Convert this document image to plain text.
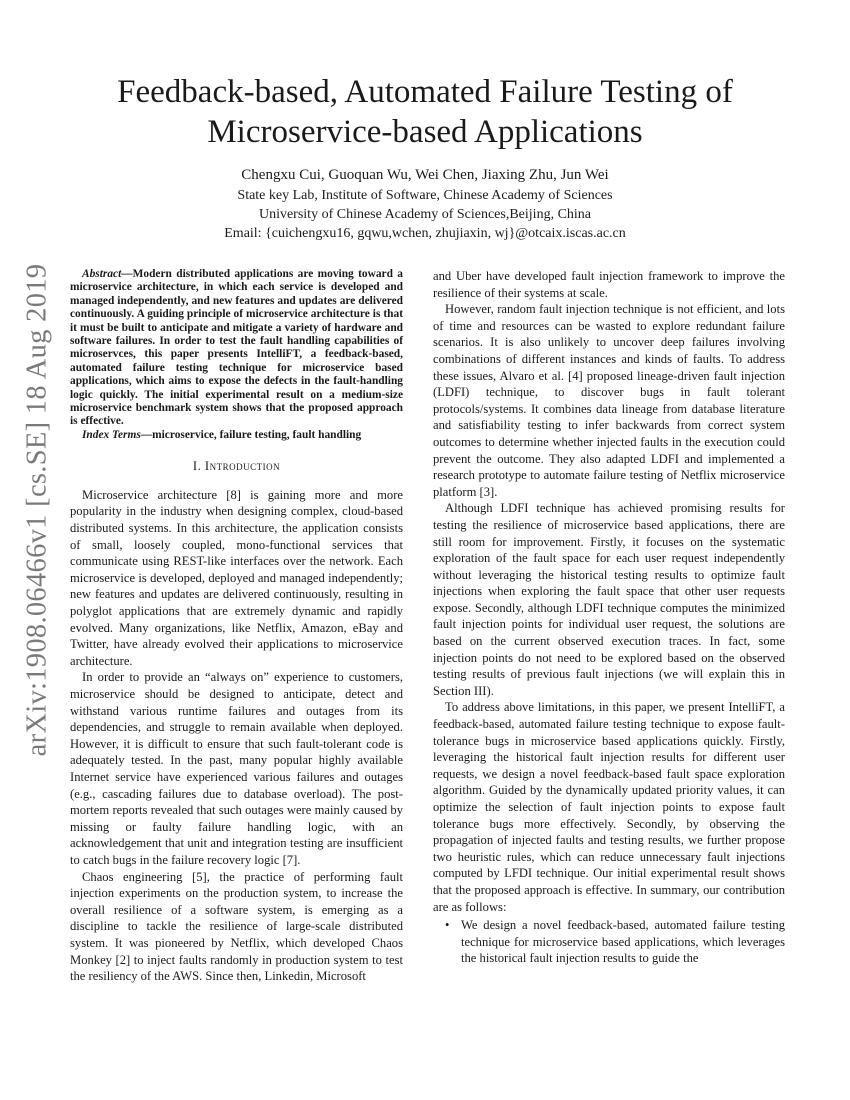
arXiv:1908.06466v1 [cs.SE] 18 Aug 2019
Feedback-based, Automated Failure Testing of
Microservice-based Applications
Chengxu Cui, Guoquan Wu, Wei Chen, Jiaxing Zhu, Jun Wei
State key Lab, Institute of Software, Chinese Academy of Sciences
University of Chinese Academy of Sciences,Beijing, China
Email: {cuichengxu16, gqwu,wchen, zhujiaxin, wj}@otcaix.iscas.ac.cn

Abstract—Modern distributed applications are moving toward a microservice architecture, in which each service is developed and managed independently, and new features and updates are delivered continuously. A guiding principle of microservice architecture is that it must be built to anticipate and mitigate a variety of hardware and software failures. In order to test the fault handling capabilities of microservces, this paper presents IntelliFT, a feedback-based, automated failure testing technique for microservice based applications, which aims to expose the defects in the fault-handling logic quickly. The initial experimental result on a medium-size microservice benchmark system shows that the proposed approach is effective.

Index Terms—microservice, failure testing, fault handling

I. Introduction

Microservice architecture [8] is gaining more and more popularity in the industry when designing complex, cloud-based distributed systems. In this architecture, the application consists of small, loosely coupled, mono-functional services that communicate using REST-like interfaces over the network. Each microservice is developed, deployed and managed independently; new features and updates are delivered continuously, resulting in polyglot applications that are extremely dynamic and rapidly evolved. Many organizations, like Netflix, Amazon, eBay and Twitter, have already evolved their applications to microservice architecture.

In order to provide an “always on” experience to customers, microservice should be designed to anticipate, detect and withstand various runtime failures and outages from its dependencies, and struggle to remain available when deployed. However, it is difficult to ensure that such fault-tolerant code is adequately tested. In the past, many popular highly available Internet service have experienced various failures and outages (e.g., cascading failures due to database overload). The post-mortem reports revealed that such outages were mainly caused by missing or faulty failure handling logic, with an acknowledgement that unit and integration testing are insufficient to catch bugs in the failure recovery logic [7].

Chaos engineering [5], the practice of performing fault injection experiments on the production system, to increase the overall resilience of a software system, is emerging as a discipline to tackle the resilience of large-scale distributed system. It was pioneered by Netflix, which developed Chaos Monkey [2] to inject faults randomly in production system to test the resiliency of the AWS. Since then, Linkedin, Microsoft

and Uber have developed fault injection framework to improve the resilience of their systems at scale.

However, random fault injection technique is not efficient, and lots of time and resources can be wasted to explore redundant failure scenarios. It is also unlikely to uncover deep failures involving combinations of different instances and kinds of faults. To address these issues, Alvaro et al. [4] proposed lineage-driven fault injection (LDFI) technique, to discover bugs in fault tolerant protocols/systems. It combines data lineage from database literature and satisfiability testing to infer backwards from correct system outcomes to determine whether injected faults in the execution could prevent the outcome. They also adapted LDFI and implemented a research prototype to automate failure testing of Netflix microservice platform [3].

Although LDFI technique has achieved promising results for testing the resilience of microservice based applications, there are still room for improvement. Firstly, it focuses on the systematic exploration of the fault space for each user request independently without leveraging the historical testing results to optimize fault injections when exploring the fault space that other user requests expose. Secondly, although LDFI technique computes the minimized fault injection points for individual user request, the solutions are based on the current observed execution traces. In fact, some injection points do not need to be explored based on the observed testing results of previous fault injections (we will explain this in Section III).

To address above limitations, in this paper, we present IntelliFT, a feedback-based, automated failure testing technique to expose fault-tolerance bugs in microservice based applications quickly. Firstly, leveraging the historical fault injection results for different user requests, we design a novel feedback-based fault space exploration algorithm. Guided by the dynamically updated priority values, it can optimize the selection of fault injection points to expose fault tolerance bugs more effectively. Secondly, by observing the propagation of injected faults and testing results, we further propose two heuristic rules, which can reduce unnecessary fault injections computed by LFDI technique. Our initial experimental result shows that the proposed approach is effective. In summary, our contribution are as follows:

• We design a novel feedback-based, automated failure testing technique for microservice based applications, which leverages the historical fault injection results to guide the
